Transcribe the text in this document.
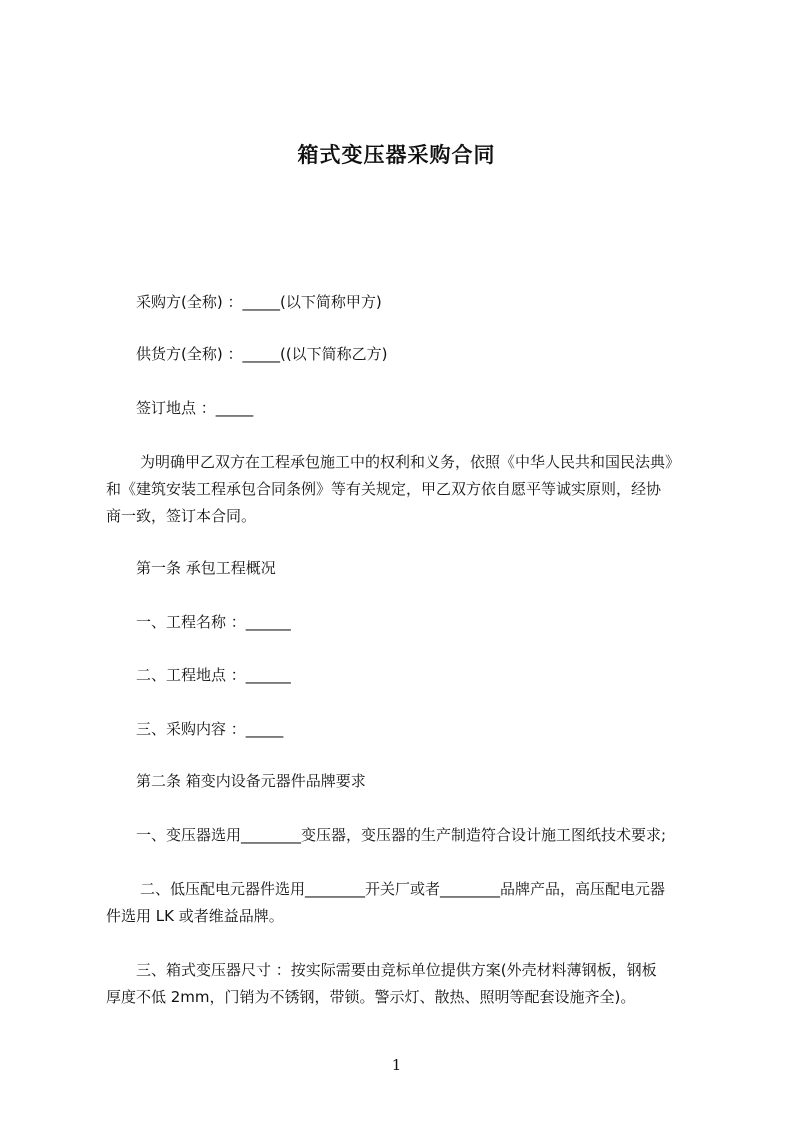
箱式变压器采购合同
采购方(全称) ：_____(以下简称甲方)
供货方(全称) ：_____((以下简称乙方)
签订地点 ：_____
为明确甲乙双方在工程承包施工中的权利和义务，依照《中华人民共和国民法典》
和《建筑安装工程承包合同条例》等有关规定，甲乙双方依自愿平等诚实原则，经协
商一致，签订本合同。
第一条 承包工程概况
一、工程名称 ：______
二、工程地点 ：______
三、采购内容 ：_____
第二条 箱变内设备元器件品牌要求
一、变压器选用________变压器，变压器的生产制造符合设计施工图纸技术要求;
二、低压配电元器件选用________开关厂或者________品牌产品，高压配电元器
件选用 LK 或者维益品牌。
三、箱式变压器尺寸 ：按实际需要由竞标单位提供方案(外壳材料薄钢板，钢板
厚度不低 2mm，门销为不锈钢，带锁。警示灯、散热、照明等配套设施齐全)。
1
